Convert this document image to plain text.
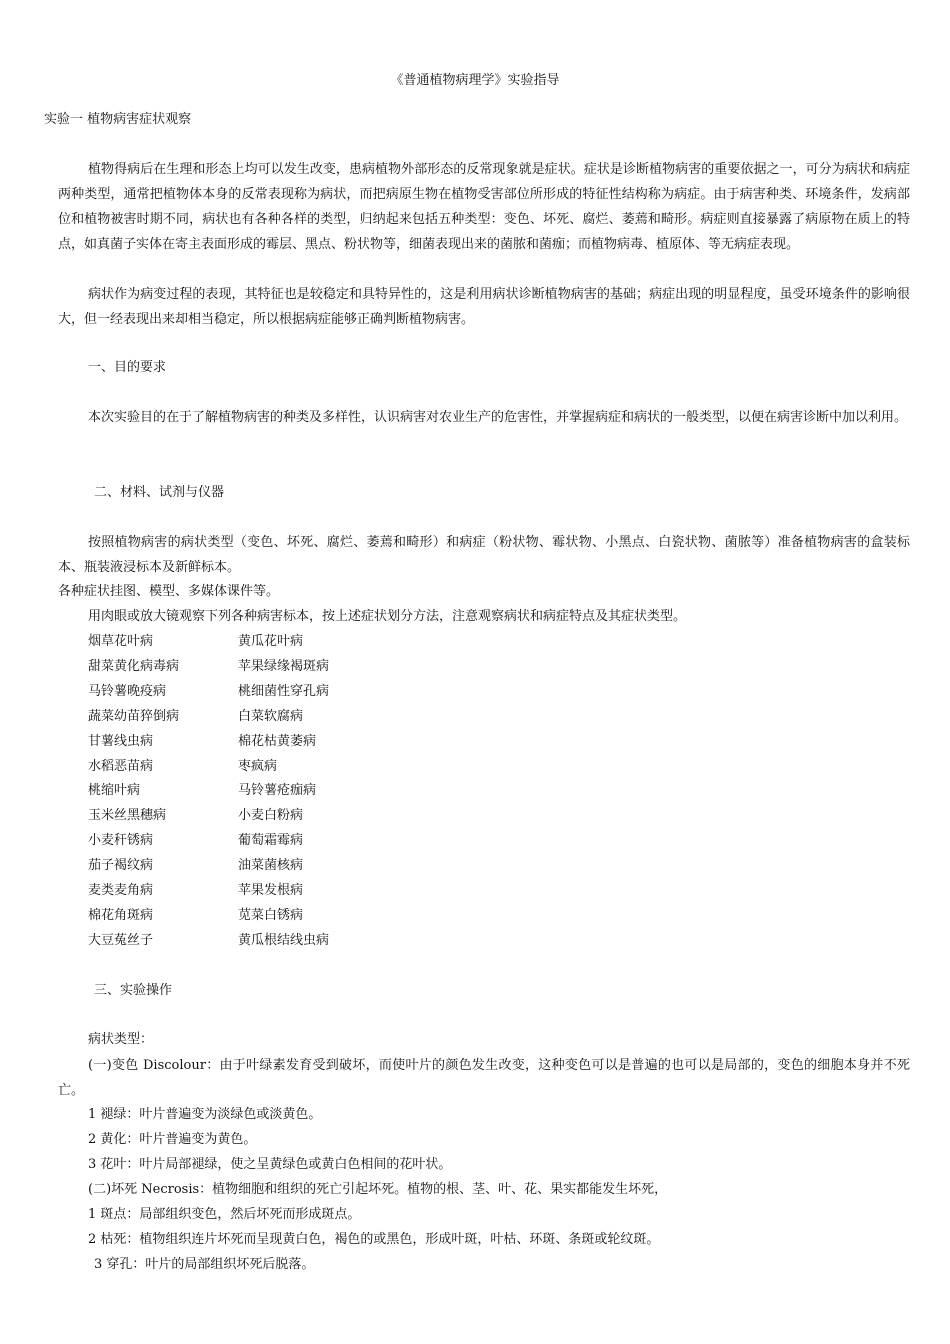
《普通植物病理学》实验指导
实验一 植物病害症状观察
植物得病后在生理和形态上均可以发生改变，患病植物外部形态的反常现象就是症状。症状是诊断植物病害的重要依据之一，可分为病状和病症两种类型，通常把植物体本身的反常表现称为病状，而把病原生物在植物受害部位所形成的特征性结构称为病症。由于病害种类、环境条件，发病部位和植物被害时期不同，病状也有各种各样的类型，归纳起来包括五种类型：变色、坏死、腐烂、萎蔫和畸形。病症则直接暴露了病原物在质上的特点，如真菌子实体在寄主表面形成的霉层、黑点、粉状物等，细菌表现出来的菌脓和菌痂；而植物病毒、植原体、等无病症表现。
病状作为病变过程的表现，其特征也是较稳定和具特异性的，这是利用病状诊断植物病害的基础；病症出现的明显程度，虽受环境条件的影响很大，但一经表现出来却相当稳定，所以根据病症能够正确判断植物病害。
一、目的要求
本次实验目的在于了解植物病害的种类及多样性，认识病害对农业生产的危害性，并掌握病症和病状的一般类型，以便在病害诊断中加以利用。
二、材料、试剂与仪器
按照植物病害的病状类型（变色、坏死、腐烂、萎蔫和畸形）和病症（粉状物、霉状物、小黑点、白瓷状物、菌脓等）准备植物病害的盒装标本、瓶装液浸标本及新鲜标本。
各种症状挂图、模型、多媒体课件等。
用肉眼或放大镜观察下列各种病害标本，按上述症状划分方法，注意观察病状和病症特点及其症状类型。
烟草花叶病	黄瓜花叶病
甜菜黄化病毒病	苹果绿缘褐斑病
马铃薯晚疫病	桃细菌性穿孔病
蔬菜幼苗猝倒病	白菜软腐病
甘薯线虫病	棉花枯黄萎病
水稻恶苗病	枣疯病
桃缩叶病	马铃薯疮痂病
玉米丝黑穗病	小麦白粉病
小麦秆锈病	葡萄霜霉病
茄子褐纹病	油菜菌核病
麦类麦角病	苹果发根病
棉花角斑病	苋菜白锈病
大豆菟丝子	黄瓜根结线虫病
三、实验操作
病状类型：
(一)变色 Discolour：由于叶绿素发育受到破坏，而使叶片的颜色发生改变，这种变色可以是普遍的也可以是局部的，变色的细胞本身并不死亡。
1 褪绿：叶片普遍变为淡绿色或淡黄色。
2 黄化：叶片普遍变为黄色。
3 花叶：叶片局部褪绿，使之呈黄绿色或黄白色相间的花叶状。
(二)坏死 Necrosis：植物细胞和组织的死亡引起坏死。植物的根、茎、叶、花、果实都能发生坏死，
1 斑点：局部组织变色，然后坏死而形成斑点。
2 枯死：植物组织连片坏死而呈现黄白色，褐色的或黑色，形成叶斑，叶枯、环斑、条斑或轮纹斑。
3 穿孔：叶片的局部组织坏死后脱落。
